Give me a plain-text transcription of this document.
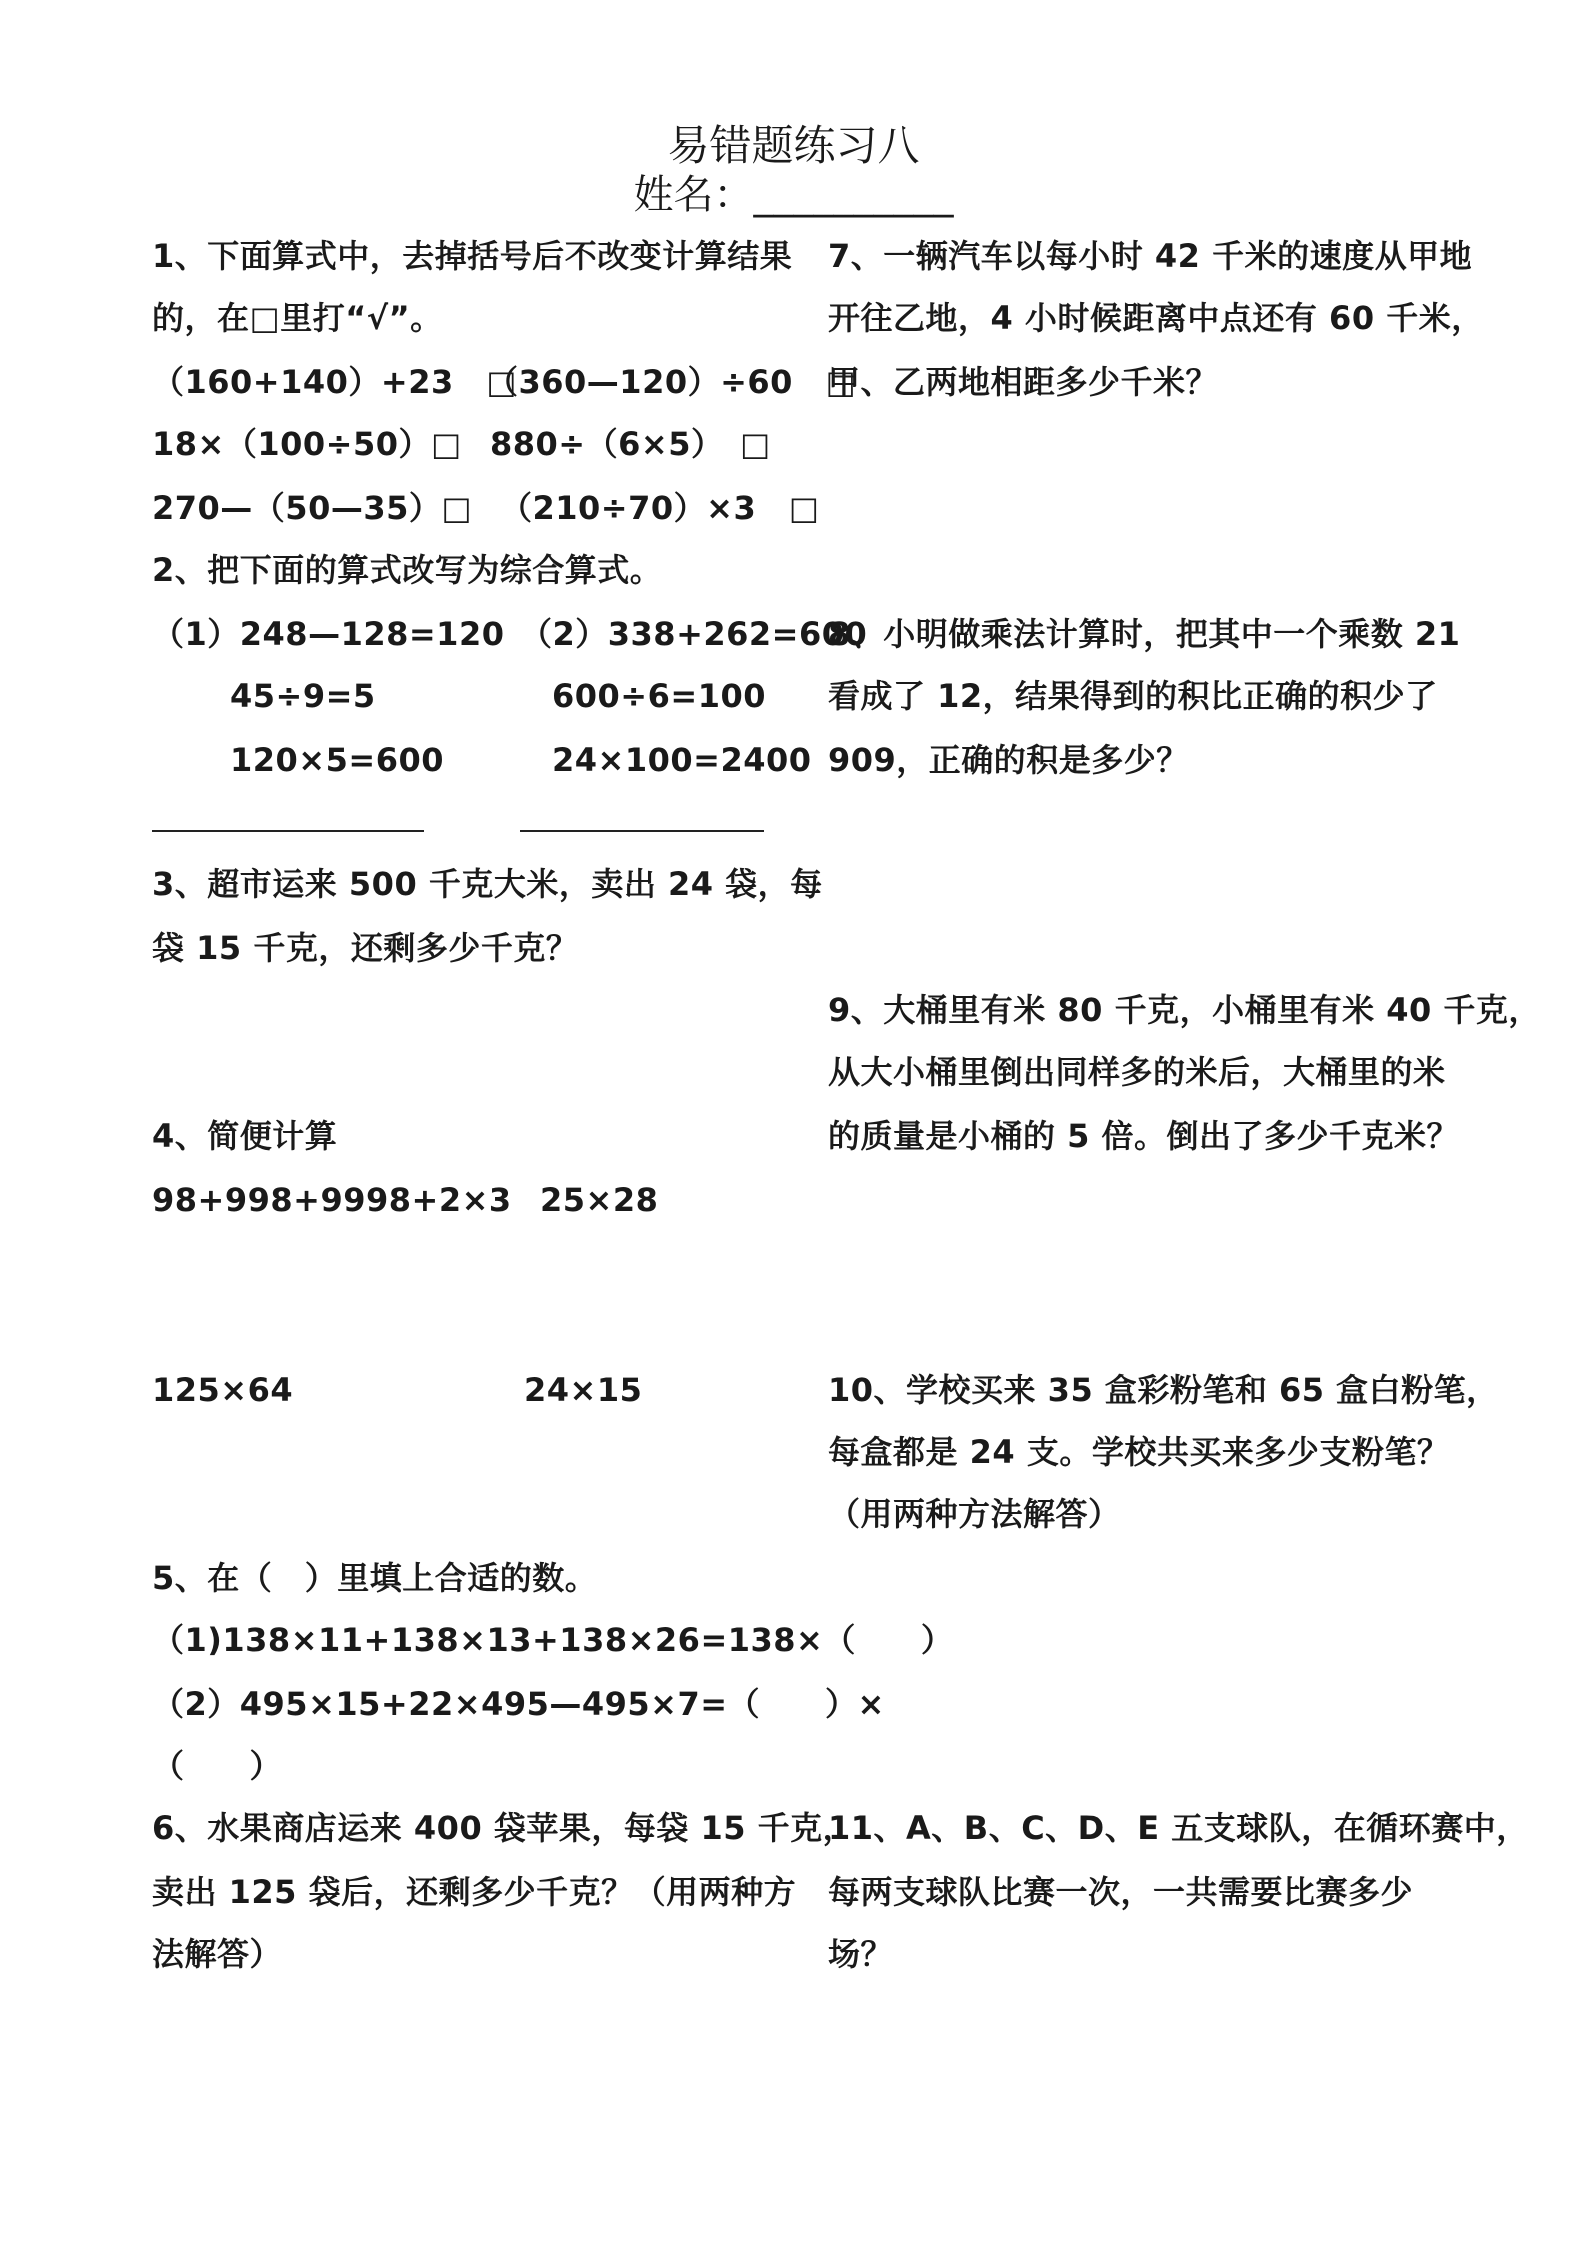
易错题练习八
姓名：__________
1、下面算式中，去掉括号后不改变计算结果
的，在□里打“√”。
（160+140）+23　□
（360—120）÷60　□
18×（100÷50）□ 880÷（6×5）　□
270—（50—35）□ （210÷70）×3　□
2、把下面的算式改写为综合算式。
（1）248—128=120
45÷9=5
120×5=600
（2）338+262=600
600÷6=100
24×100=2400
3、超市运来 500 千克大米，卖出 24 袋，每
袋 15 千克，还剩多少千克？
4、简便计算
98+998+9998+2×3 25×28
125×64	24×15
5、在（　）里填上合适的数。
（1)138×11+138×13+138×26=138×（　　）
（2）495×15+22×495—495×7=（　　）×
（　　）
6、水果商店运来 400 袋苹果，每袋 15 千克，
卖出 125 袋后，还剩多少千克？（用两种方
法解答）
7、一辆汽车以每小时 42 千米的速度从甲地
开往乙地，4 小时候距离中点还有 60 千米，
甲、乙两地相距多少千米？
8、小明做乘法计算时，把其中一个乘数 21
看成了 12，结果得到的积比正确的积少了
909，正确的积是多少？
9、大桶里有米 80 千克，小桶里有米 40 千克，
从大小桶里倒出同样多的米后，大桶里的米
的质量是小桶的 5 倍。倒出了多少千克米？
10、学校买来 35 盒彩粉笔和 65 盒白粉笔，
每盒都是 24 支。学校共买来多少支粉笔？
（用两种方法解答）
11、A、B、C、D、E 五支球队，在循环赛中，
每两支球队比赛一次，一共需要比赛多少
场？
